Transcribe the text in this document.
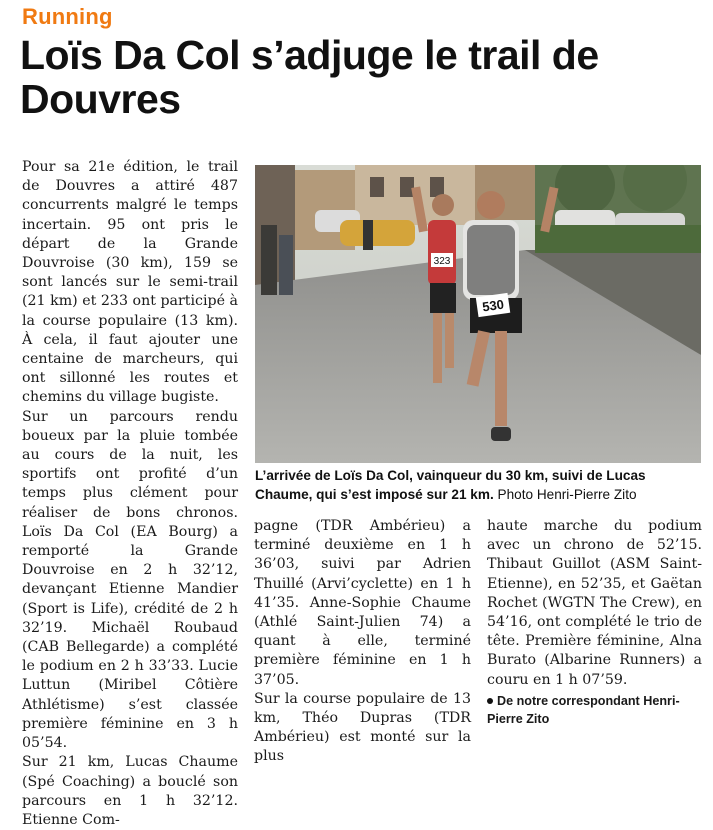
Running
Loïs Da Col s’adjuge le trail de Douvres

Pour sa 21e édition, le trail de Douvres a attiré 487 concurrents malgré le temps incertain. 95 ont pris le départ de la Grande Douvroise (30 km), 159 se sont lancés sur le semi-trail (21 km) et 233 ont participé à la course populaire (13 km). À cela, il faut ajouter une centaine de marcheurs, qui ont sillonné les routes et chemins du village bugiste.

Sur un parcours rendu boueux par la pluie tombée au cours de la nuit, les sportifs ont profité d’un temps plus clément pour réaliser de bons chronos. Loïs Da Col (EA Bourg) a remporté la Grande Douvroise en 2 h 32’12, devançant Etienne Mandier (Sport is Life), crédité de 2 h 32’19. Michaël Roubaud (CAB Bellegarde) a complété le podium en 2 h 33’33. Lucie Luttun (Miribel Côtière Athlétisme) s’est classée première féminine en 3 h 05’54.

Sur 21 km, Lucas Chaume (Spé Coaching) a bouclé son parcours en 1 h 32’12. Etienne Com-

323
530
L’arrivée de Loïs Da Col, vainqueur du 30 km, suivi de Lucas Chaume, qui s’est imposé sur 21 km. Photo Henri-Pierre Zito

pagne (TDR Ambérieu) a terminé deuxième en 1 h 36’03, suivi par Adrien Thuillé (Arvi’cyclette) en 1 h 41’35. Anne-Sophie Chaume (Athlé Saint-Julien 74) a quant à elle, terminé première féminine en 1 h 37’05.

Sur la course populaire de 13 km, Théo Dupras (TDR Ambérieu) est monté sur la plus

haute marche du podium avec un chrono de 52’15. Thibaut Guillot (ASM Saint-Etienne), en 52’35, et Gaëtan Rochet (WGTN The Crew), en 54’16, ont complété le trio de tête. Première féminine, Alna Burato (Albarine Runners) a couru en 1 h 07’59.

De notre correspondant Henri-Pierre Zito
